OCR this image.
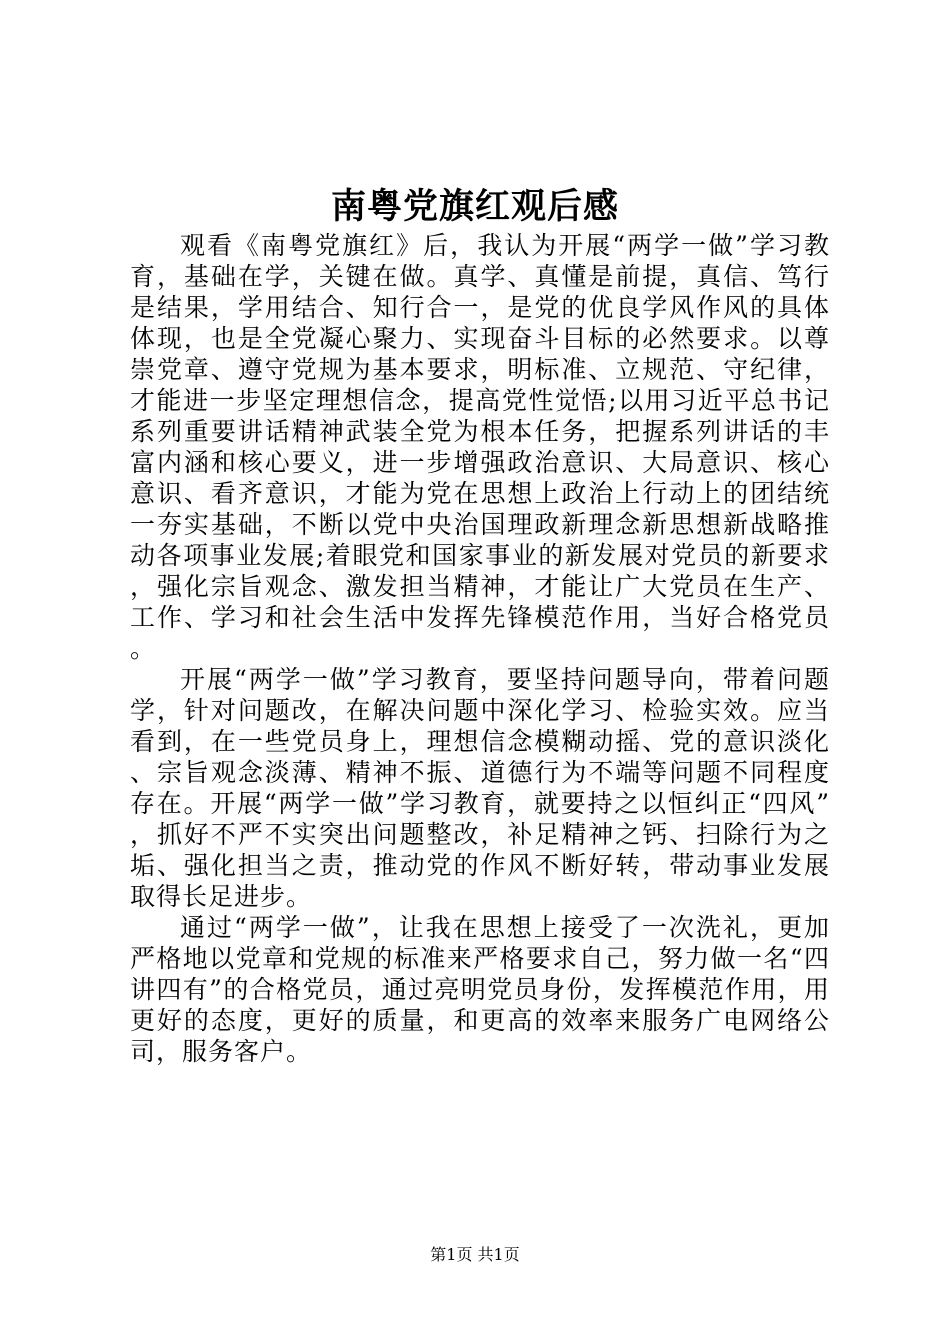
南粤党旗红观后感

观看《南粤党旗红》后，我认为开展“两学一做”学习教育，基础在学，关键在做。真学、真懂是前提，真信、笃行是结果，学用结合、知行合一，是党的优良学风作风的具体体现，也是全党凝心聚力、实现奋斗目标的必然要求。以尊崇党章、遵守党规为基本要求，明标准、立规范、守纪律，才能进一步坚定理想信念，提高党性觉悟;以用习近平总书记系列重要讲话精神武装全党为根本任务，把握系列讲话的丰富内涵和核心要义，进一步增强政治意识、大局意识、核心意识、看齐意识，才能为党在思想上政治上行动上的团结统一夯实基础，不断以党中央治国理政新理念新思想新战略推动各项事业发展;着眼党和国家事业的新发展对党员的新要求，强化宗旨观念、激发担当精神，才能让广大党员在生产、工作、学习和社会生活中发挥先锋模范作用，当好合格党员。

开展“两学一做”学习教育，要坚持问题导向，带着问题学，针对问题改，在解决问题中深化学习、检验实效。应当看到，在一些党员身上，理想信念模糊动摇、党的意识淡化、宗旨观念淡薄、精神不振、道德行为不端等问题不同程度存在。开展“两学一做”学习教育，就要持之以恒纠正“四风”，抓好不严不实突出问题整改，补足精神之钙、扫除行为之垢、强化担当之责，推动党的作风不断好转，带动事业发展取得长足进步。

通过“两学一做”，让我在思想上接受了一次洗礼，更加严格地以党章和党规的标准来严格要求自己，努力做一名“四讲四有”的合格党员，通过亮明党员身份，发挥模范作用，用更好的态度，更好的质量，和更高的效率来服务广电网络公司，服务客户。

第1页 共1页
